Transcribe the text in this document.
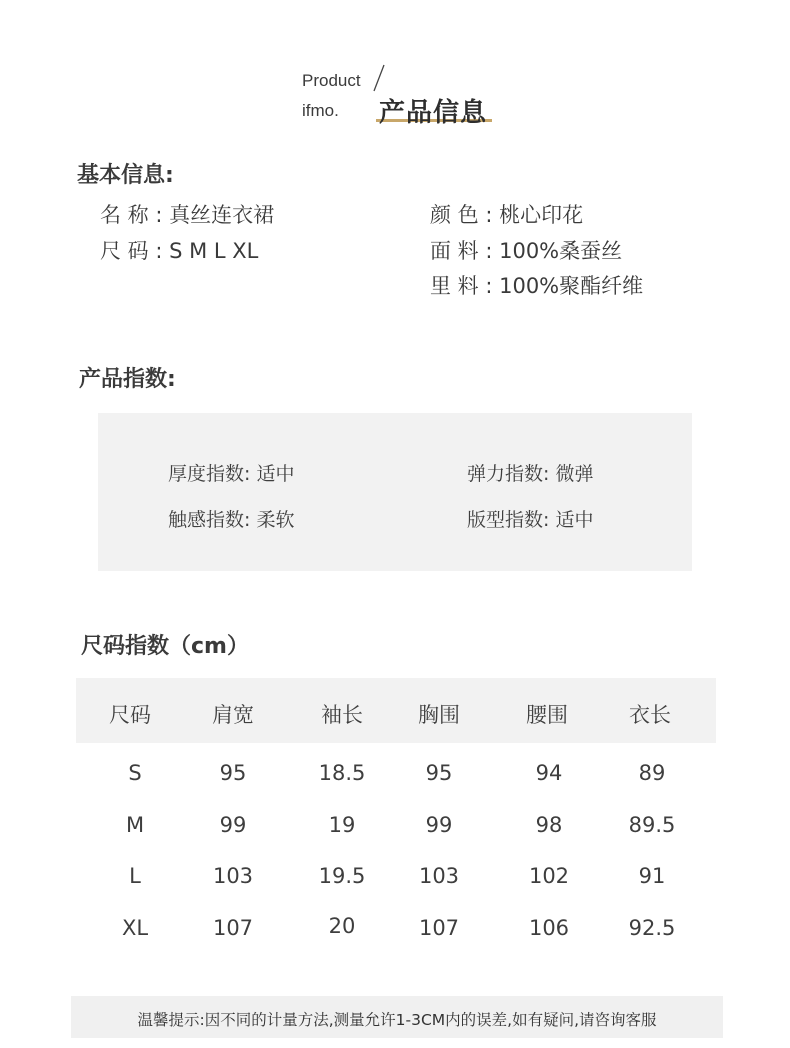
Product
ifmo. 产品信息
基本信息:
名 称 : 真丝连衣裙
尺 码 : S M L XL
颜 色 : 桃心印花
面 料 : 100%桑蚕丝
里 料 : 100%聚酯纤维
产品指数:
厚度指数: 适中	弹力指数: 微弹
触感指数: 柔软	版型指数: 适中
尺码指数（cm）
尺码	肩宽	袖长	胸围	腰围	衣长
S	95	18.5	95	94	89
M	99	19	99	98	89.5
L	103	19.5	103	102	91
XL	107	20	107	106	92.5
温馨提示:因不同的计量方法,测量允许1-3CM内的误差,如有疑问,请咨询客服
